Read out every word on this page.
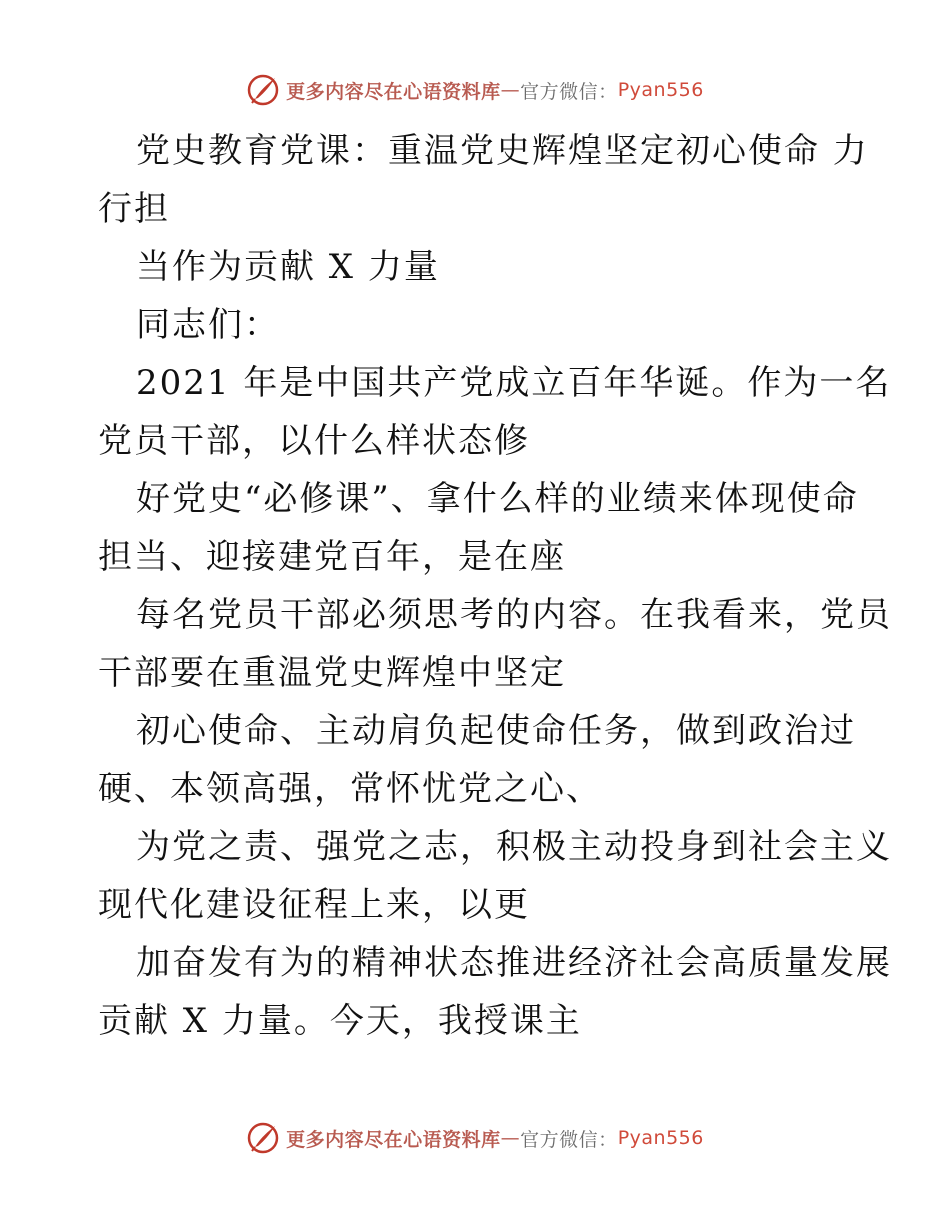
更多内容尽在心语资料库 — 官方微信： Pyan556
党史教育党课：重温党史辉煌坚定初心使命 力
行担
当作为贡献 X 力量
同志们：
2021 年是中国共产党成立百年华诞。作为一名
党员干部，以什么样状态修
好党史“必修课”、拿什么样的业绩来体现使命
担当、迎接建党百年，是在座
每名党员干部必须思考的内容。在我看来，党员
干部要在重温党史辉煌中坚定
初心使命、主动肩负起使命任务，做到政治过
硬、本领高强，常怀忧党之心、
为党之责、强党之志，积极主动投身到社会主义
现代化建设征程上来，以更
加奋发有为的精神状态推进经济社会高质量发展
贡献 X 力量。今天，我授课主
更多内容尽在心语资料库 — 官方微信： Pyan556
